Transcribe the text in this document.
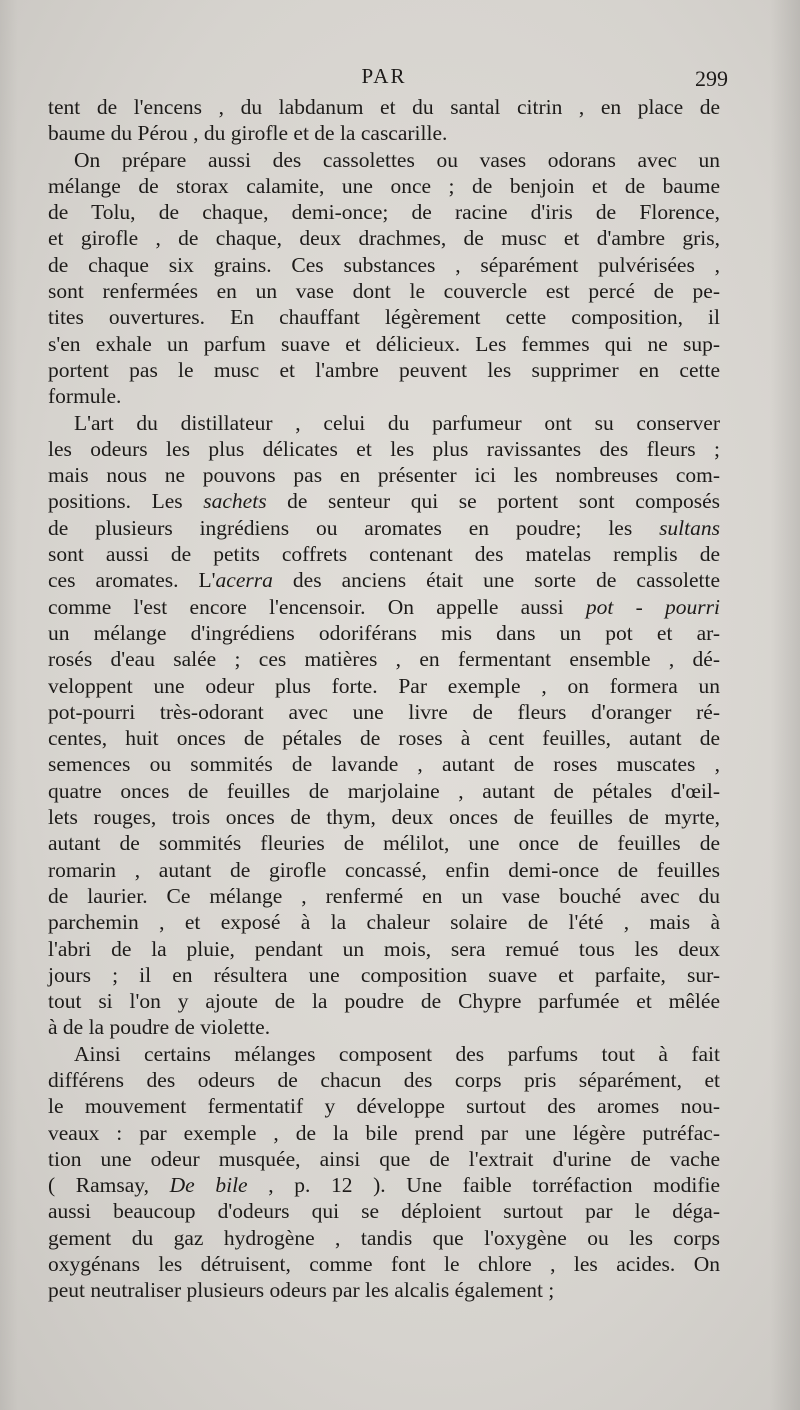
PAR	299
tent de l'encens , du labdanum et du santal citrin , en place de
baume du Pérou , du girofle et de la cascarille.
On prépare aussi des cassolettes ou vases odorans avec un
mélange de storax calamite, une once ; de benjoin et de baume
de Tolu, de chaque, demi-once; de racine d'iris de Florence,
et girofle , de chaque, deux drachmes, de musc et d'ambre gris,
de chaque six grains. Ces substances , séparément pulvérisées ,
sont renfermées en un vase dont le couvercle est percé de pe-
tites ouvertures. En chauffant légèrement cette composition, il
s'en exhale un parfum suave et délicieux. Les femmes qui ne sup-
portent pas le musc et l'ambre peuvent les supprimer en cette
formule.
L'art du distillateur , celui du parfumeur ont su conserver
les odeurs les plus délicates et les plus ravissantes des fleurs ;
mais nous ne pouvons pas en présenter ici les nombreuses com-
positions. Les sachets de senteur qui se portent sont composés
de plusieurs ingrédiens ou aromates en poudre; les sultans
sont aussi de petits coffrets contenant des matelas remplis de
ces aromates. L'acerra des anciens était une sorte de cassolette
comme l'est encore l'encensoir. On appelle aussi pot - pourri
un mélange d'ingrédiens odoriférans mis dans un pot et ar-
rosés d'eau salée ; ces matières , en fermentant ensemble , dé-
veloppent une odeur plus forte. Par exemple , on formera un
pot-pourri très-odorant avec une livre de fleurs d'oranger ré-
centes, huit onces de pétales de roses à cent feuilles, autant de
semences ou sommités de lavande , autant de roses muscates ,
quatre onces de feuilles de marjolaine , autant de pétales d'œil-
lets rouges, trois onces de thym, deux onces de feuilles de myrte,
autant de sommités fleuries de mélilot, une once de feuilles de
romarin , autant de girofle concassé, enfin demi-once de feuilles
de laurier. Ce mélange , renfermé en un vase bouché avec du
parchemin , et exposé à la chaleur solaire de l'été , mais à
l'abri de la pluie, pendant un mois, sera remué tous les deux
jours ; il en résultera une composition suave et parfaite, sur-
tout si l'on y ajoute de la poudre de Chypre parfumée et mêlée
à de la poudre de violette.
Ainsi certains mélanges composent des parfums tout à fait
différens des odeurs de chacun des corps pris séparément, et
le mouvement fermentatif y développe surtout des aromes nou-
veaux : par exemple , de la bile prend par une légère putréfac-
tion une odeur musquée, ainsi que de l'extrait d'urine de vache
( Ramsay, De bile , p. 12 ). Une faible torréfaction modifie
aussi beaucoup d'odeurs qui se déploient surtout par le déga-
gement du gaz hydrogène , tandis que l'oxygène ou les corps
oxygénans les détruisent, comme font le chlore , les acides. On
peut neutraliser plusieurs odeurs par les alcalis également ;
